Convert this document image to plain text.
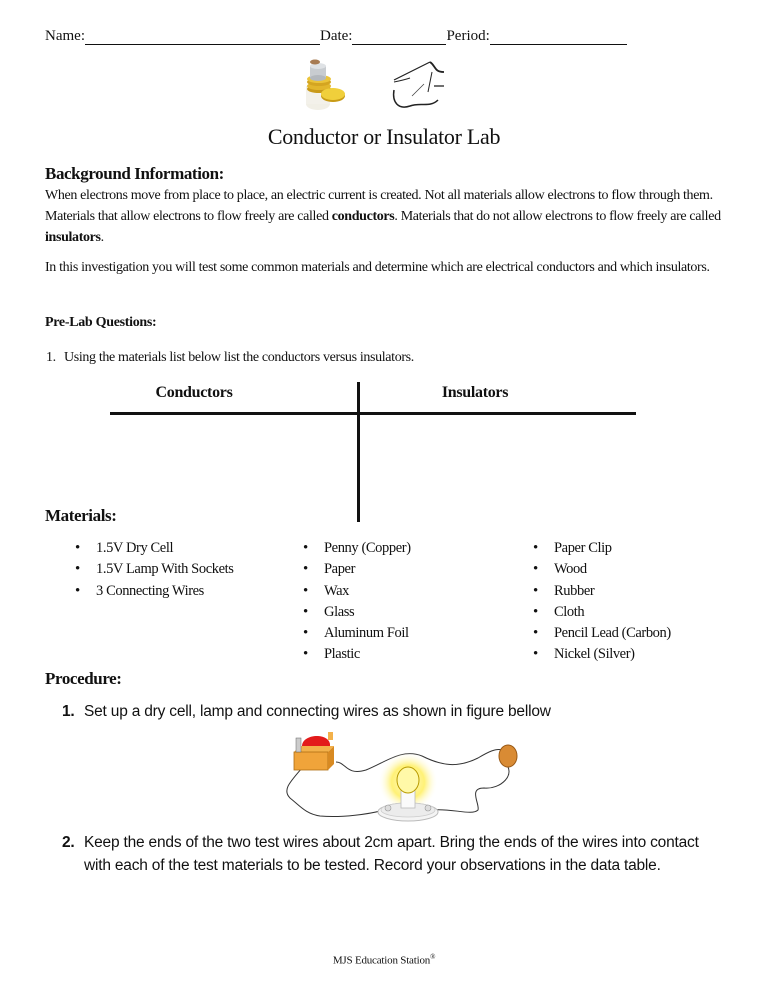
Name:	Date:	Period:
Conductor or Insulator Lab
Background Information:
When electrons move from place to place, an electric current is created. Not all materials allow electrons to flow through them. Materials that allow electrons to flow freely are called conductors. Materials that do not allow electrons to flow freely are called insulators.
In this investigation you will test some common materials and determine which are electrical conductors and which insulators.
Pre-Lab Questions:
1. Using the materials list below list the conductors versus insulators.
Conductors	Insulators
Materials:
• 1.5V Dry Cell
• 1.5V Lamp With Sockets
• 3 Connecting Wires
• Penny (Copper)
• Paper
• Wax
• Glass
• Aluminum Foil
• Plastic
• Paper Clip
• Wood
• Rubber
• Cloth
• Pencil Lead (Carbon)
• Nickel (Silver)
Procedure:
1. Set up a dry cell, lamp and connecting wires as shown in figure bellow
2. Keep the ends of the two test wires about 2cm apart. Bring the ends of the wires into contact with each of the test materials to be tested. Record your observations in the data table.
MJS Education Station®
